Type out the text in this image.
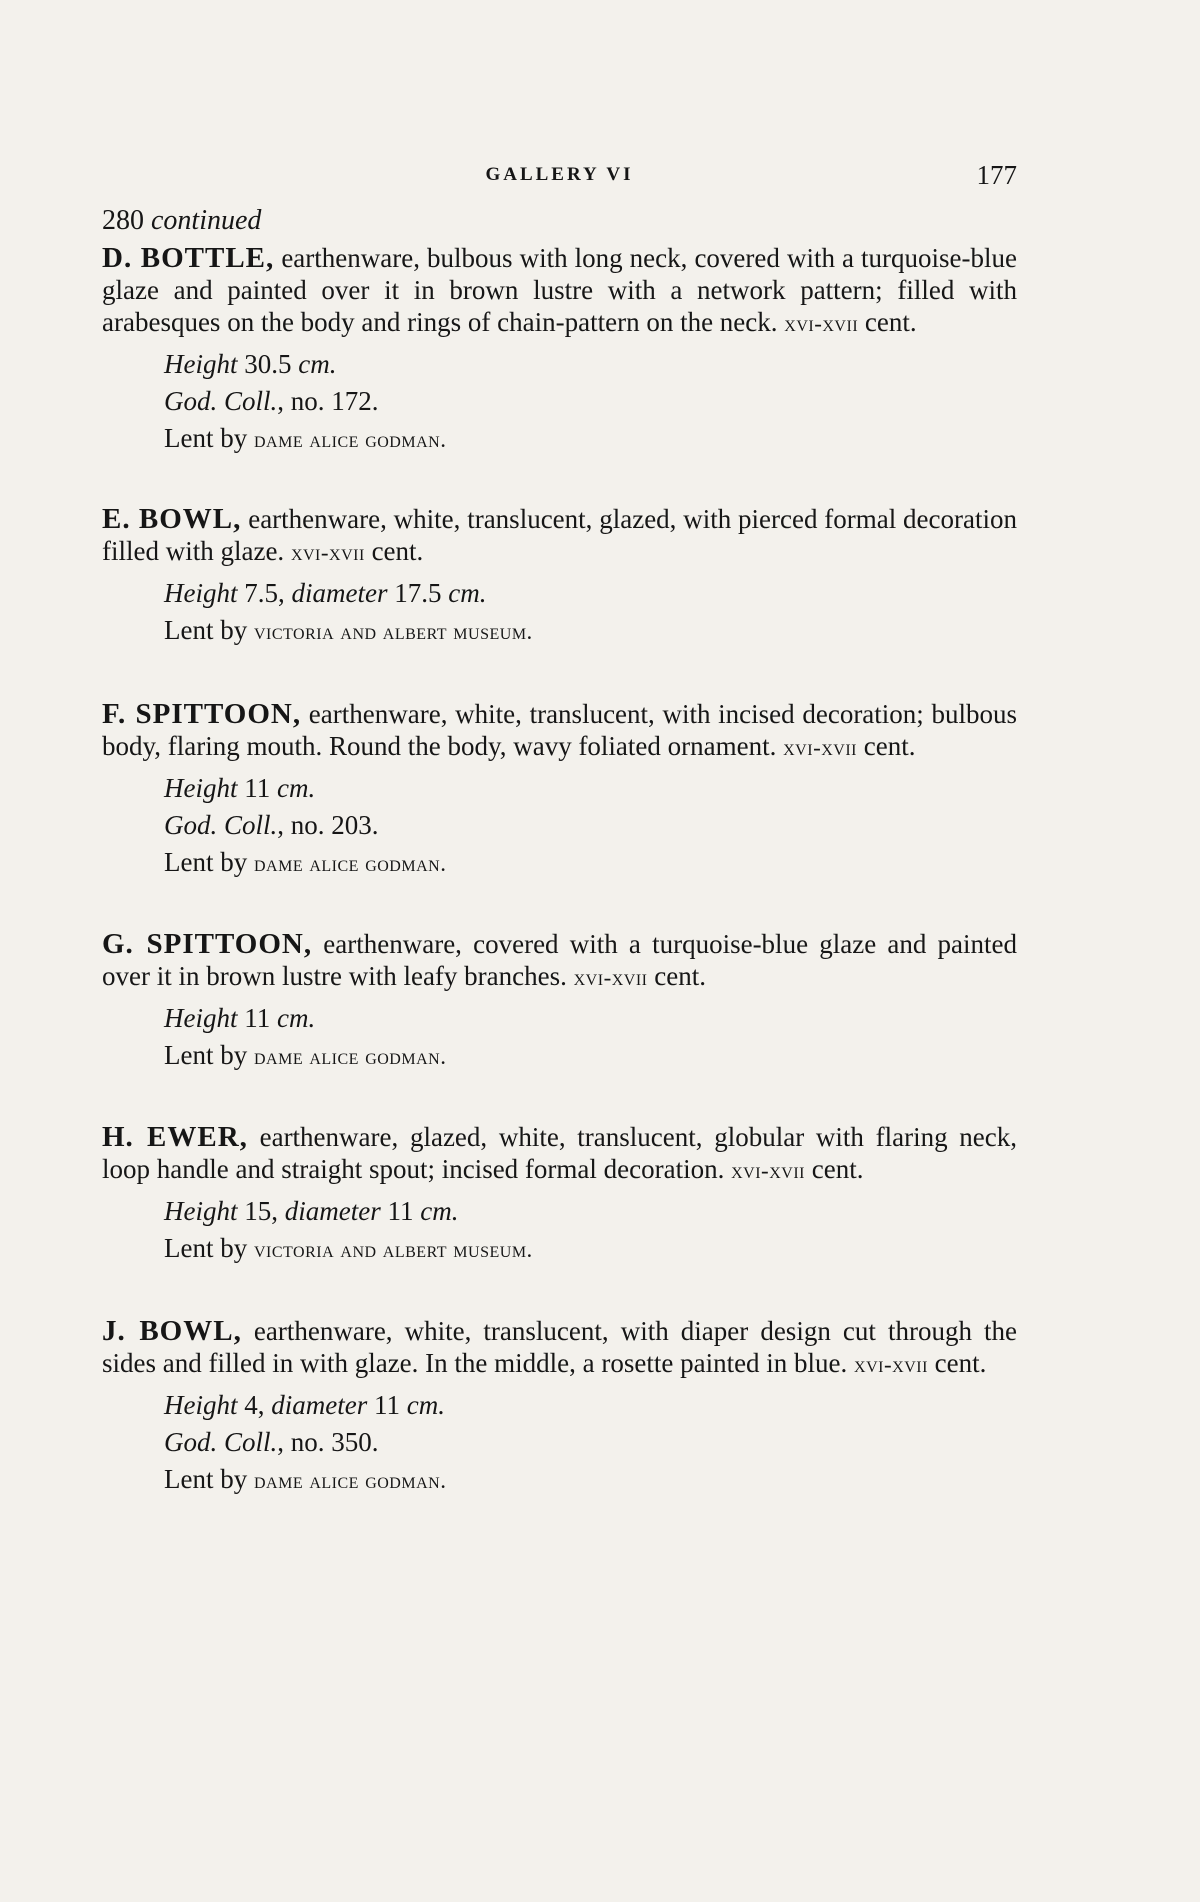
GALLERY VI	177

280 continued

D. BOTTLE, earthenware, bulbous with long neck, covered with a turquoise-blue glaze and painted over it in brown lustre with a network pattern; filled with arabesques on the body and rings of chain-pattern on the neck. xvi-xvii cent.

Height 30.5 cm.
God. Coll., no. 172.
Lent by dame alice godman.

E. BOWL, earthenware, white, translucent, glazed, with pierced formal decoration filled with glaze. xvi-xvii cent.

Height 7.5, diameter 17.5 cm.
Lent by victoria and albert museum.

F. SPITTOON, earthenware, white, translucent, with incised decoration; bulbous body, flaring mouth. Round the body, wavy foliated ornament. xvi-xvii cent.

Height 11 cm.
God. Coll., no. 203.
Lent by dame alice godman.

G. SPITTOON, earthenware, covered with a turquoise-blue glaze and painted over it in brown lustre with leafy branches. xvi-xvii cent.

Height 11 cm.
Lent by dame alice godman.

H. EWER, earthenware, glazed, white, translucent, globular with flaring neck, loop handle and straight spout; incised formal decoration. xvi-xvii cent.

Height 15, diameter 11 cm.
Lent by victoria and albert museum.

J. BOWL, earthenware, white, translucent, with diaper design cut through the sides and filled in with glaze. In the middle, a rosette painted in blue. xvi-xvii cent.

Height 4, diameter 11 cm.
God. Coll., no. 350.
Lent by dame alice godman.
